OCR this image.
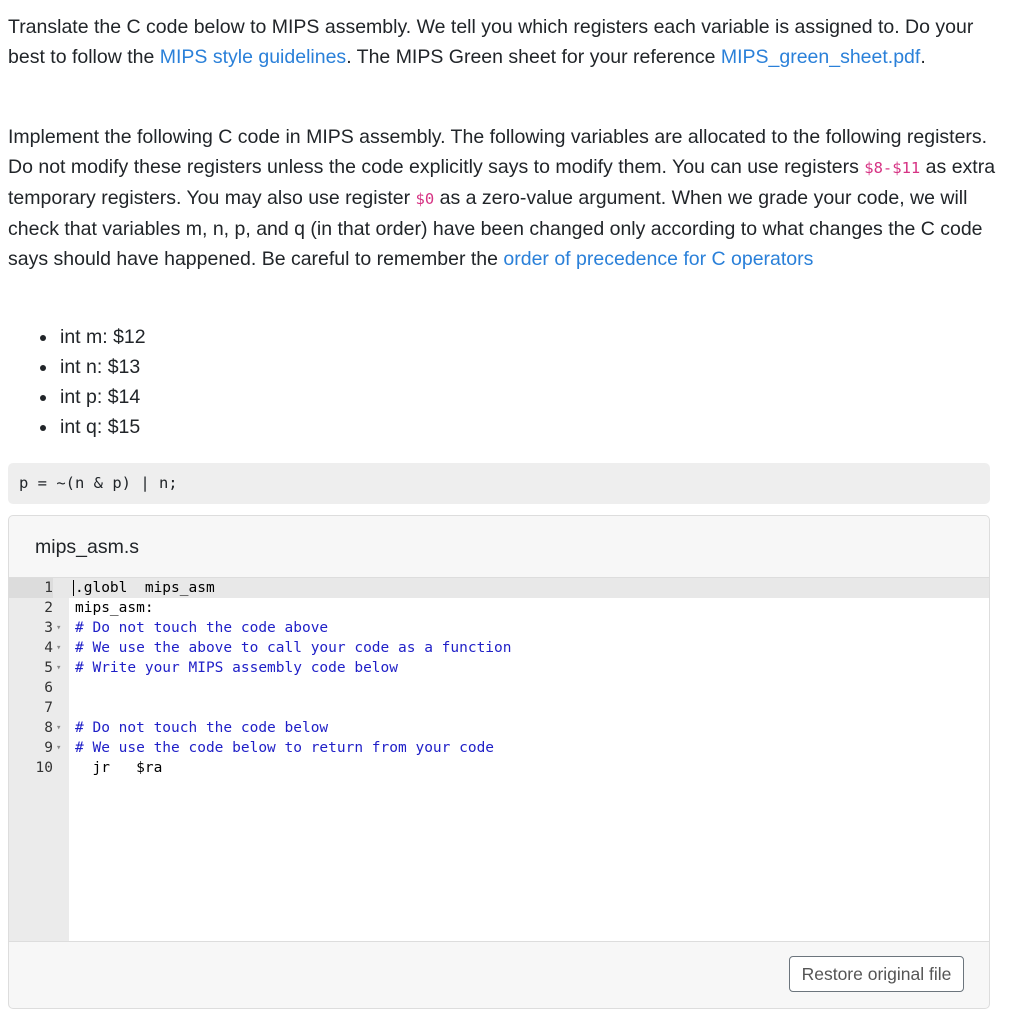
Translate the C code below to MIPS assembly. We tell you which registers each variable is assigned to. Do your best to follow the MIPS style guidelines. The MIPS Green sheet for your reference MIPS_green_sheet.pdf.

Implement the following C code in MIPS assembly. The following variables are allocated to the following registers. Do not modify these registers unless the code explicitly says to modify them. You can use registers $8-$11 as extra temporary registers. You may also use register $0 as a zero-value argument. When we grade your code, we will check that variables m, n, p, and q (in that order) have been changed only according to what changes the C code says should have happened. Be careful to remember the order of precedence for C operators

• int m: $12
• int n: $13
• int p: $14
• int q: $15
p = ~(n & p) | n;
mips_asm.s
1 .globl  mips_asm
2 mips_asm:
3 ▾ # Do not touch the code above
4 ▾ # We use the above to call your code as a function
5 ▾ # Write your MIPS assembly code below
6
7
8 ▾ # Do not touch the code below
9 ▾ # We use the code below to return from your code
10 jr   $ra
Restore original file
